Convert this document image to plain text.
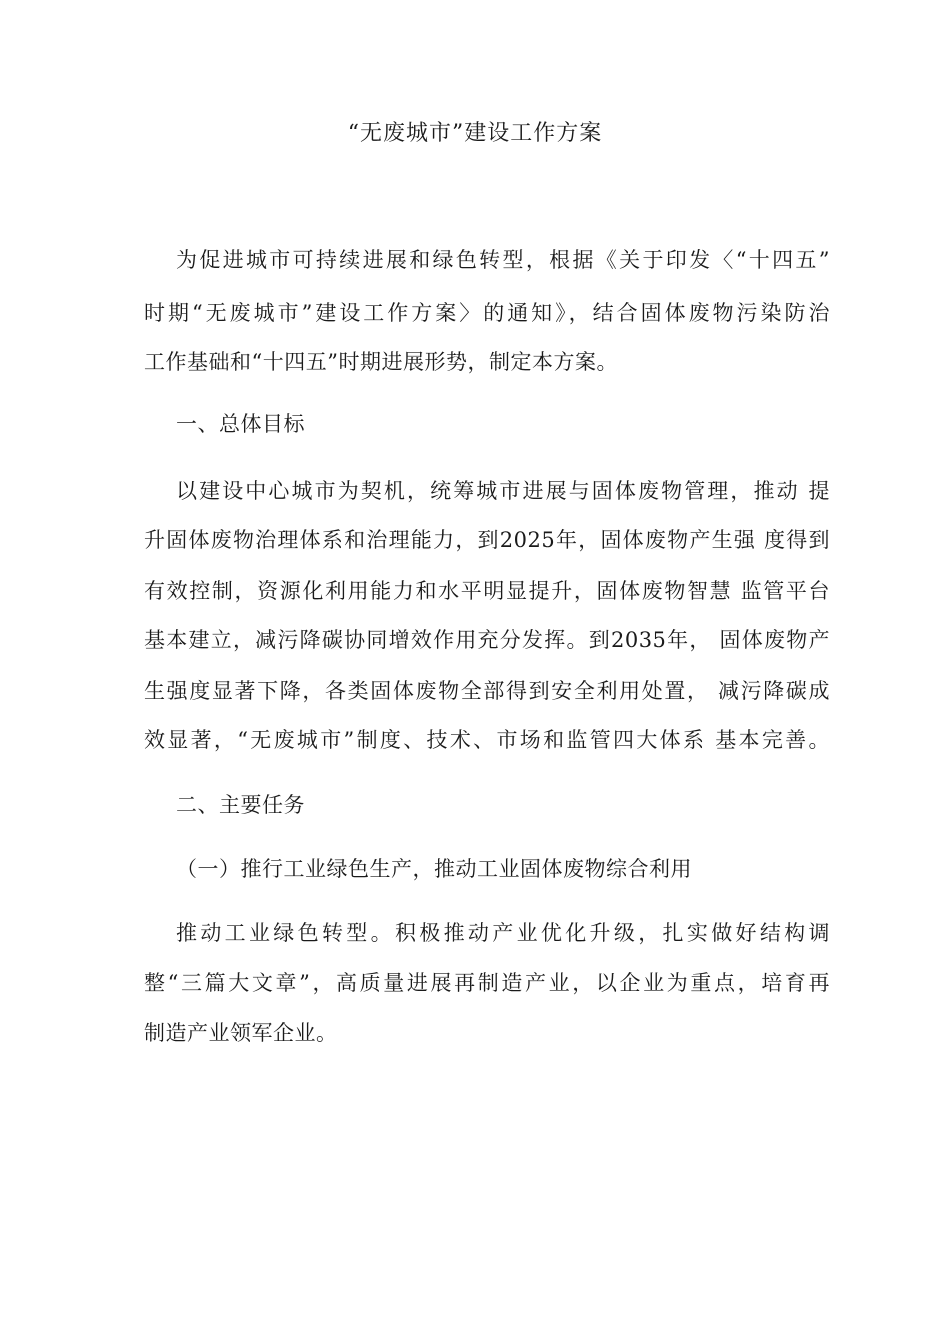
“无废城市”建设工作方案
为促进城市可持续进展和绿色转型，根据《关于印发〈“十四五”
时期“无废城市”建设工作方案〉的通知》，结合固体废物污染防治
工作基础和“十四五”时期进展形势，制定本方案。
一、总体目标
以建设中心城市为契机，统筹城市进展与固体废物管理，推动 提
升固体废物治理体系和治理能力，到2025年，固体废物产生强 度得到
有效控制，资源化利用能力和水平明显提升，固体废物智慧 监管平台
基本建立，减污降碳协同增效作用充分发挥。到2035年， 固体废物产
生强度显著下降，各类固体废物全部得到安全利用处置， 减污降碳成
效显著，“无废城市”制度、技术、市场和监管四大体系 基本完善。
二、主要任务
（一）推行工业绿色生产，推动工业固体废物综合利用
推动工业绿色转型。积极推动产业优化升级，扎实做好结构调
整“三篇大文章”，高质量进展再制造产业，以企业为重点，培育再
制造产业领军企业。
